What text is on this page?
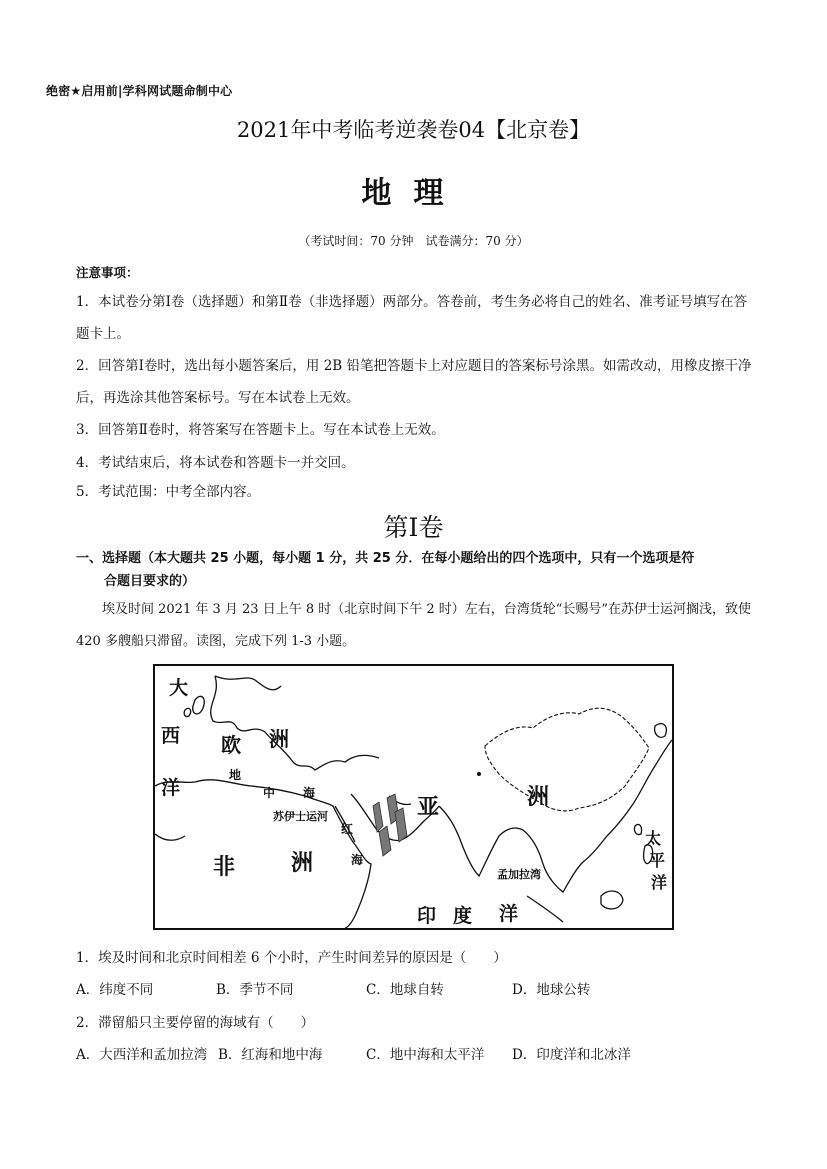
绝密★启用前|学科网试题命制中心
2021年中考临考逆袭卷04【北京卷】
地理
（考试时间：70 分钟　试卷满分：70 分）
注意事项：
1．本试卷分第Ⅰ卷（选择题）和第Ⅱ卷（非选择题）两部分。答卷前，考生务必将自己的姓名、准考证号填写在答题卡上。
2．回答第Ⅰ卷时，选出每小题答案后，用 2B 铅笔把答题卡上对应题目的答案标号涂黑。如需改动，用橡皮擦干净后，再选涂其他答案标号。写在本试卷上无效。
3．回答第Ⅱ卷时，将答案写在答题卡上。写在本试卷上无效。
4．考试结束后，将本试卷和答题卡一并交回。
5．考试范围：中考全部内容。
第Ⅰ卷
一、选择题（本大题共 25 小题，每小题 1 分，共 25 分．在每小题给出的四个选项中，只有一个选项是符
合题目要求的）
埃及时间 2021 年 3 月 23 日上午 8 时（北京时间下午 2 时）左右，台湾货轮“长赐号”在苏伊士运河搁浅，致使 420 多艘船只滞留。读图，完成下列 1-3 小题。
大
西
洋
欧 洲
地
中 海
苏伊士运河
红
海
非	洲
亚	洲
孟加拉湾
印 度 洋
太
平
洋
1．埃及时间和北京时间相差 6 个小时，产生时间差异的原因是（　　）
A．纬度不同	B．季节不同	C．地球自转	D．地球公转
2．滞留船只主要停留的海域有（　　）
A．大西洋和孟加拉湾 B．红海和地中海	C．地中海和太平洋 D．印度洋和北冰洋
